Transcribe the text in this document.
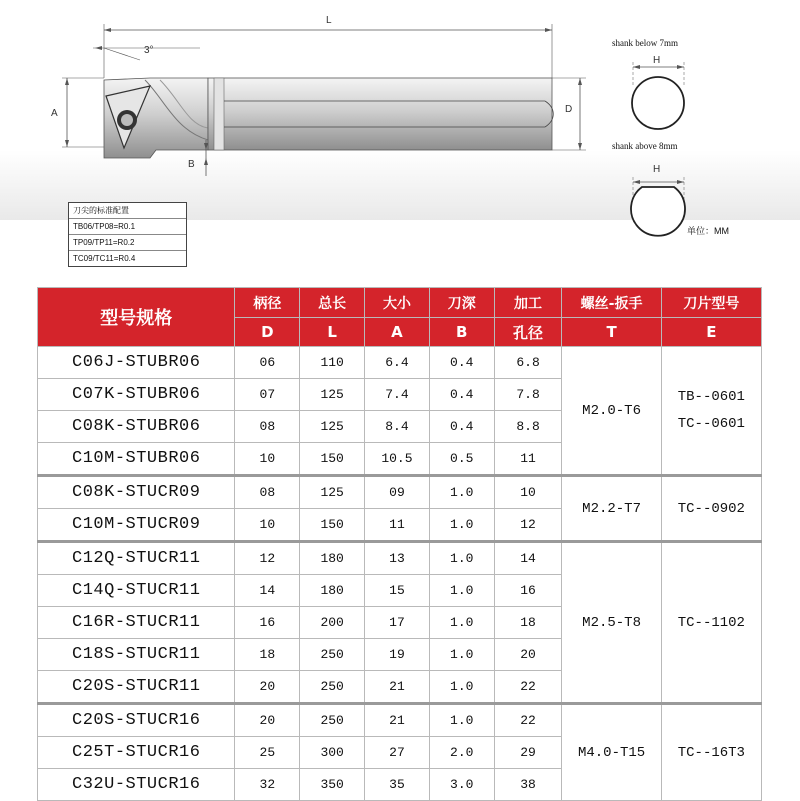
L
3°
A	D
B
H
H
shank below 7mm
shank above 8mm
单位：MM
刀尖的标准配置
TB06/TP08=R0.1
TP09/TP11=R0.2
TC09/TC11=R0.4
型号规格	柄径	总长	大小	刀深	加工	螺丝-扳手	刀片型号
	D	L	A	B	孔径	T	E
C06J-STUBR06	06	110	6.4	0.4	6.8	M2.0-T6	TB--0601
TC--0601

C07K-STUBR06	07	125	7.4	0.4	7.8		
C08K-STUBR06	08	125	8.4	0.4	8.8		
C10M-STUBR06	10	150	10.5	0.5	11		
C08K-STUCR09	08	125	09	1.0	10	M2.2-T7	TC--0902
C10M-STUCR09	10	150	11	1.0	12		
C12Q-STUCR11	12	180	13	1.0	14	M2.5-T8	TC--1102
C14Q-STUCR11	14	180	15	1.0	16		
C16R-STUCR11	16	200	17	1.0	18		
C18S-STUCR11	18	250	19	1.0	20		
C20S-STUCR11	20	250	21	1.0	22		
C20S-STUCR16	20	250	21	1.0	22	M4.0-T15	TC--16T3
C25T-STUCR16	25	300	27	2.0	29		
C32U-STUCR16	32	350	35	3.0	38		
